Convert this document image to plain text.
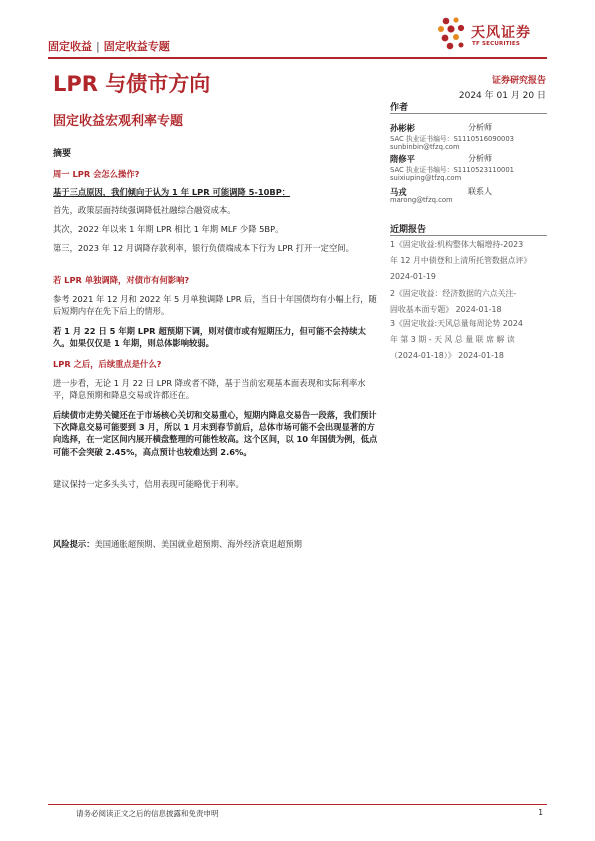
固定收益 | 固定收益专题
天风证券
TF SECURITIES
LPR 与债市方向
固定收益宏观利率专题
证券研究报告
2024 年 01 月 20 日
摘要
周一 LPR 会怎么操作?
基于三点原因，我们倾向于认为 1 年 LPR 可能调降 5-10BP：
首先，政策层面持续强调降低社融综合融资成本。
其次，2022 年以来 1 年期 LPR 相比 1 年期 MLF 少降 5BP。
第三，2023 年 12 月调降存款利率，银行负债端成本下行为 LPR 打开一定空间。
若 LPR 单独调降，对债市有何影响?
参考 2021 年 12 月和 2022 年 5 月单独调降 LPR 后，当日十年国债均有小幅上行，随后短期内存在先下后上的情形。
若 1 月 22 日 5 年期 LPR 超预期下调，则对债市或有短期压力，但可能不会持续太久。如果仅仅是 1 年期，则总体影响较弱。
LPR 之后，后续重点是什么?
进一步看，无论 1 月 22 日 LPR 降或者不降，基于当前宏观基本面表现和实际利率水平，降息预期和降息交易或许都还在。
后续债市走势关键还在于市场核心关切和交易重心，短期内降息交易告一段落，我们预计下次降息交易可能要到 3 月，所以 1 月末到春节前后，总体市场可能不会出现显著的方向选择，在一定区间内展开横盘整理的可能性较高。这个区间，以 10 年国债为例，低点可能不会突破 2.45%，高点预计也较难达到 2.6%。
建议保持一定多头头寸，信用表现可能略优于利率。
风险提示：美国通胀超预期、美国就业超预期、海外经济衰退超预期
作者
孙彬彬	分析师
SAC 执业证书编号：S1110516090003
sunbinbin@tfzq.com
隋修平	分析师
SAC 执业证书编号：S1110523110001
suixiuping@tfzq.com
马戎	联系人
marong@tfzq.com
近期报告
1《固定收益:机构整体大幅增持-2023
年 12 月中债登和上清所托管数据点评》
2024-01-19
2《固定收益：经济数据的六点关注-
固收基本面专题》 2024-01-18
3《固定收益:天风总量每周论势 2024
年 第 3 期 - 天 风 总 量 联 席 解 读
（2024-01-18）》 2024-01-18
请务必阅读正文之后的信息披露和免责申明	1
